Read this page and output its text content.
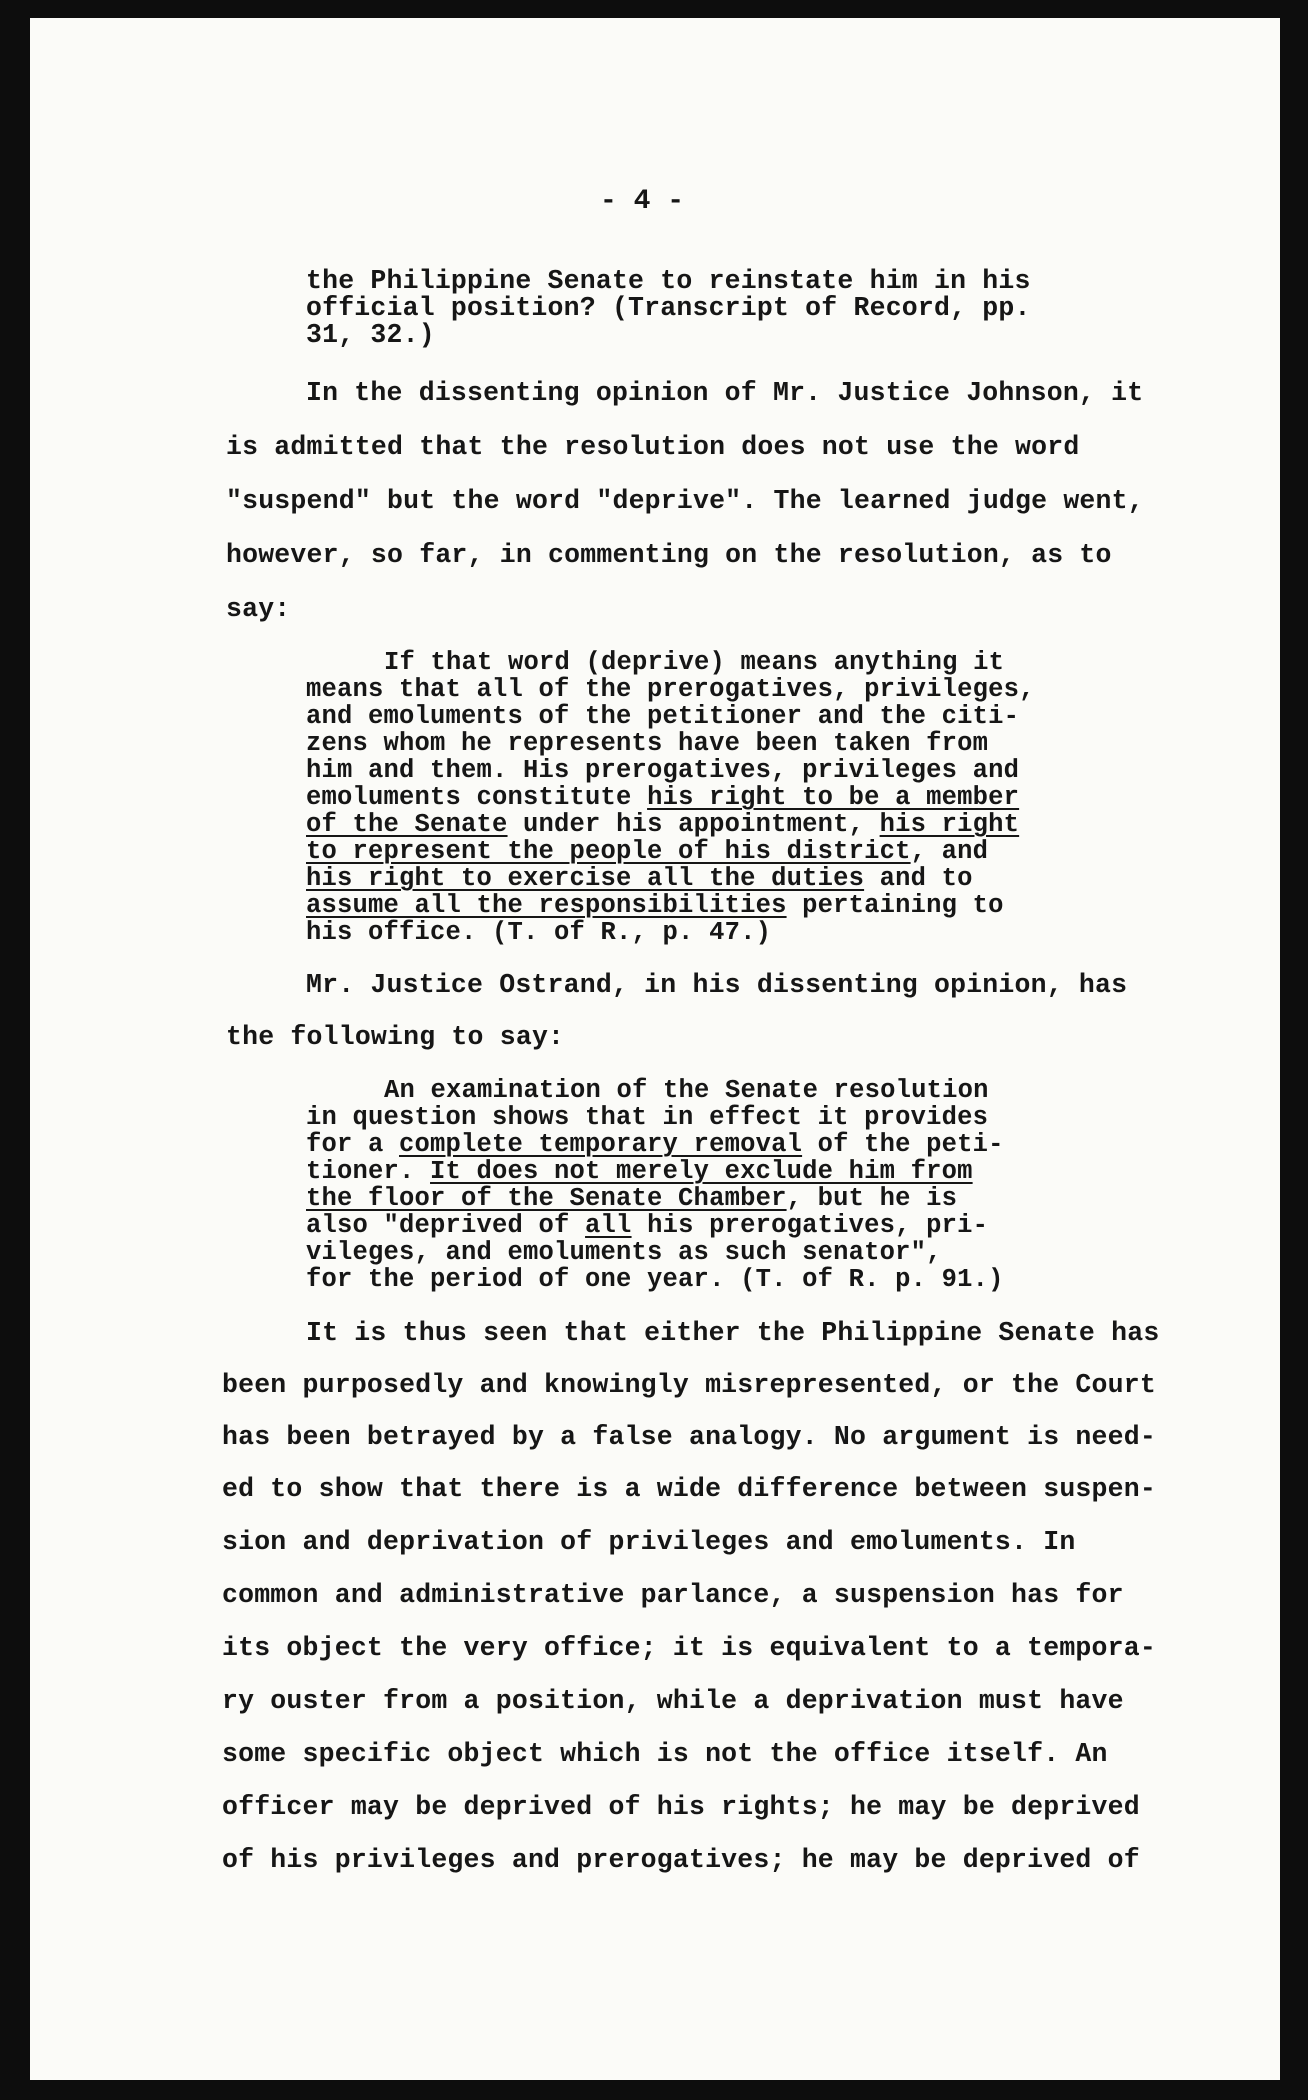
- 4 -
the Philippine Senate to reinstate him in his
official position? (Transcript of Record, pp.
31, 32.)
In the dissenting opinion of Mr. Justice Johnson, it
is admitted that the resolution does not use the word
"suspend" but the word "deprive". The learned judge went,
however, so far, in commenting on the resolution, as to
say:
If that word (deprive) means anything it
means that all of the prerogatives, privileges,
and emoluments of the petitioner and the citi-
zens whom he represents have been taken from
him and them. His prerogatives, privileges and
emoluments constitute his right to be a member
of the Senate under his appointment, his right
to represent the people of his district, and
his right to exercise all the duties and to
assume all the responsibilities pertaining to
his office. (T. of R., p. 47.)
Mr. Justice Ostrand, in his dissenting opinion, has
the following to say:
An examination of the Senate resolution
in question shows that in effect it provides
for a complete temporary removal of the peti-
tioner. It does not merely exclude him from
the floor of the Senate Chamber, but he is
also "deprived of all his prerogatives, pri-
vileges, and emoluments as such senator",
for the period of one year. (T. of R. p. 91.)
It is thus seen that either the Philippine Senate has
been purposedly and knowingly misrepresented, or the Court
has been betrayed by a false analogy. No argument is need-
ed to show that there is a wide difference between suspen-
sion and deprivation of privileges and emoluments. In
common and administrative parlance, a suspension has for
its object the very office; it is equivalent to a tempora-
ry ouster from a position, while a deprivation must have
some specific object which is not the office itself. An
officer may be deprived of his rights; he may be deprived
of his privileges and prerogatives; he may be deprived of
